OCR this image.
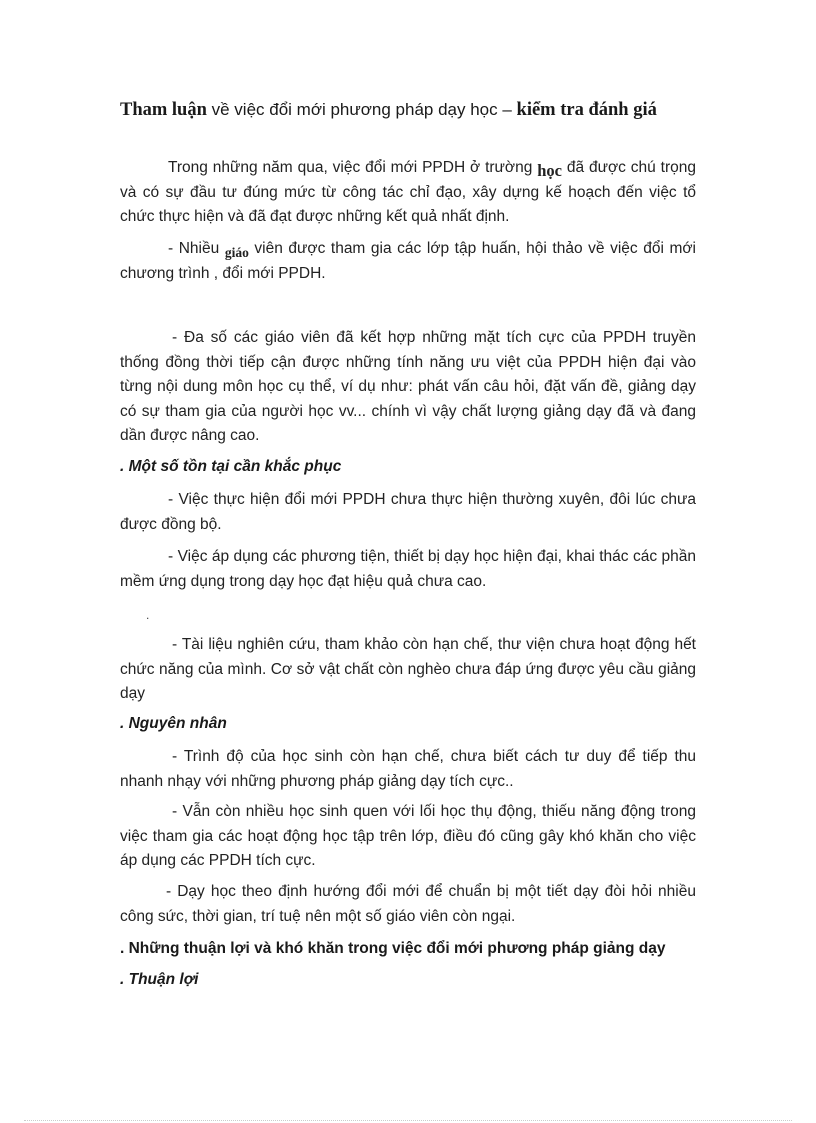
Tham luận về việc đổi mới phương pháp dạy học – kiểm tra đánh giá

Trong những năm qua, việc đổi mới PPDH ở trường học đã được chú trọng và có sự đầu tư đúng mức từ công tác chỉ đạo, xây dựng kế hoạch đến việc tổ chức thực hiện và đã đạt được những kết quả nhất định.

- Nhiều giáo viên được tham gia các lớp tập huấn, hội thảo về việc đổi mới chương trình , đổi mới PPDH.

- Đa số các giáo viên đã kết hợp những mặt tích cực của PPDH truyền thống đồng thời tiếp cận được những tính năng ưu việt của PPDH hiện đại vào từng nội dung môn học cụ thể, ví dụ như: phát vấn câu hỏi, đặt vấn đề, giảng dạy có sự tham gia của người học vv... chính vì vậy chất lượng giảng dạy đã và đang dần được nâng cao.

. Một số tồn tại cần khắc phục

- Việc thực hiện đổi mới PPDH chưa thực hiện thường xuyên, đôi lúc chưa được đồng bộ.

- Việc áp dụng các phương tiện, thiết bị dạy học hiện đại, khai thác các phần mềm ứng dụng trong dạy học đạt hiệu quả chưa cao.

.

- Tài liệu nghiên cứu, tham khảo còn hạn chế, thư viện chưa hoạt động hết chức năng của mình. Cơ sở vật chất còn nghèo chưa đáp ứng được yêu cầu giảng dạy

. Nguyên nhân

- Trình độ của học sinh còn hạn chế, chưa biết cách tư duy để tiếp thu nhanh nhạy với những phương pháp giảng dạy tích cực..

- Vẫn còn nhiều học sinh quen với lối học thụ động, thiếu năng động trong việc tham gia các hoạt động học tập trên lớp, điều đó cũng gây khó khăn cho việc áp dụng các PPDH tích cực.

- Dạy học theo định hướng đổi mới để chuẩn bị một tiết dạy đòi hỏi nhiều công sức, thời gian, trí tuệ nên một số giáo viên còn ngại.

. Những thuận lợi và khó khăn trong việc đổi mới phương pháp giảng dạy

. Thuận lợi
